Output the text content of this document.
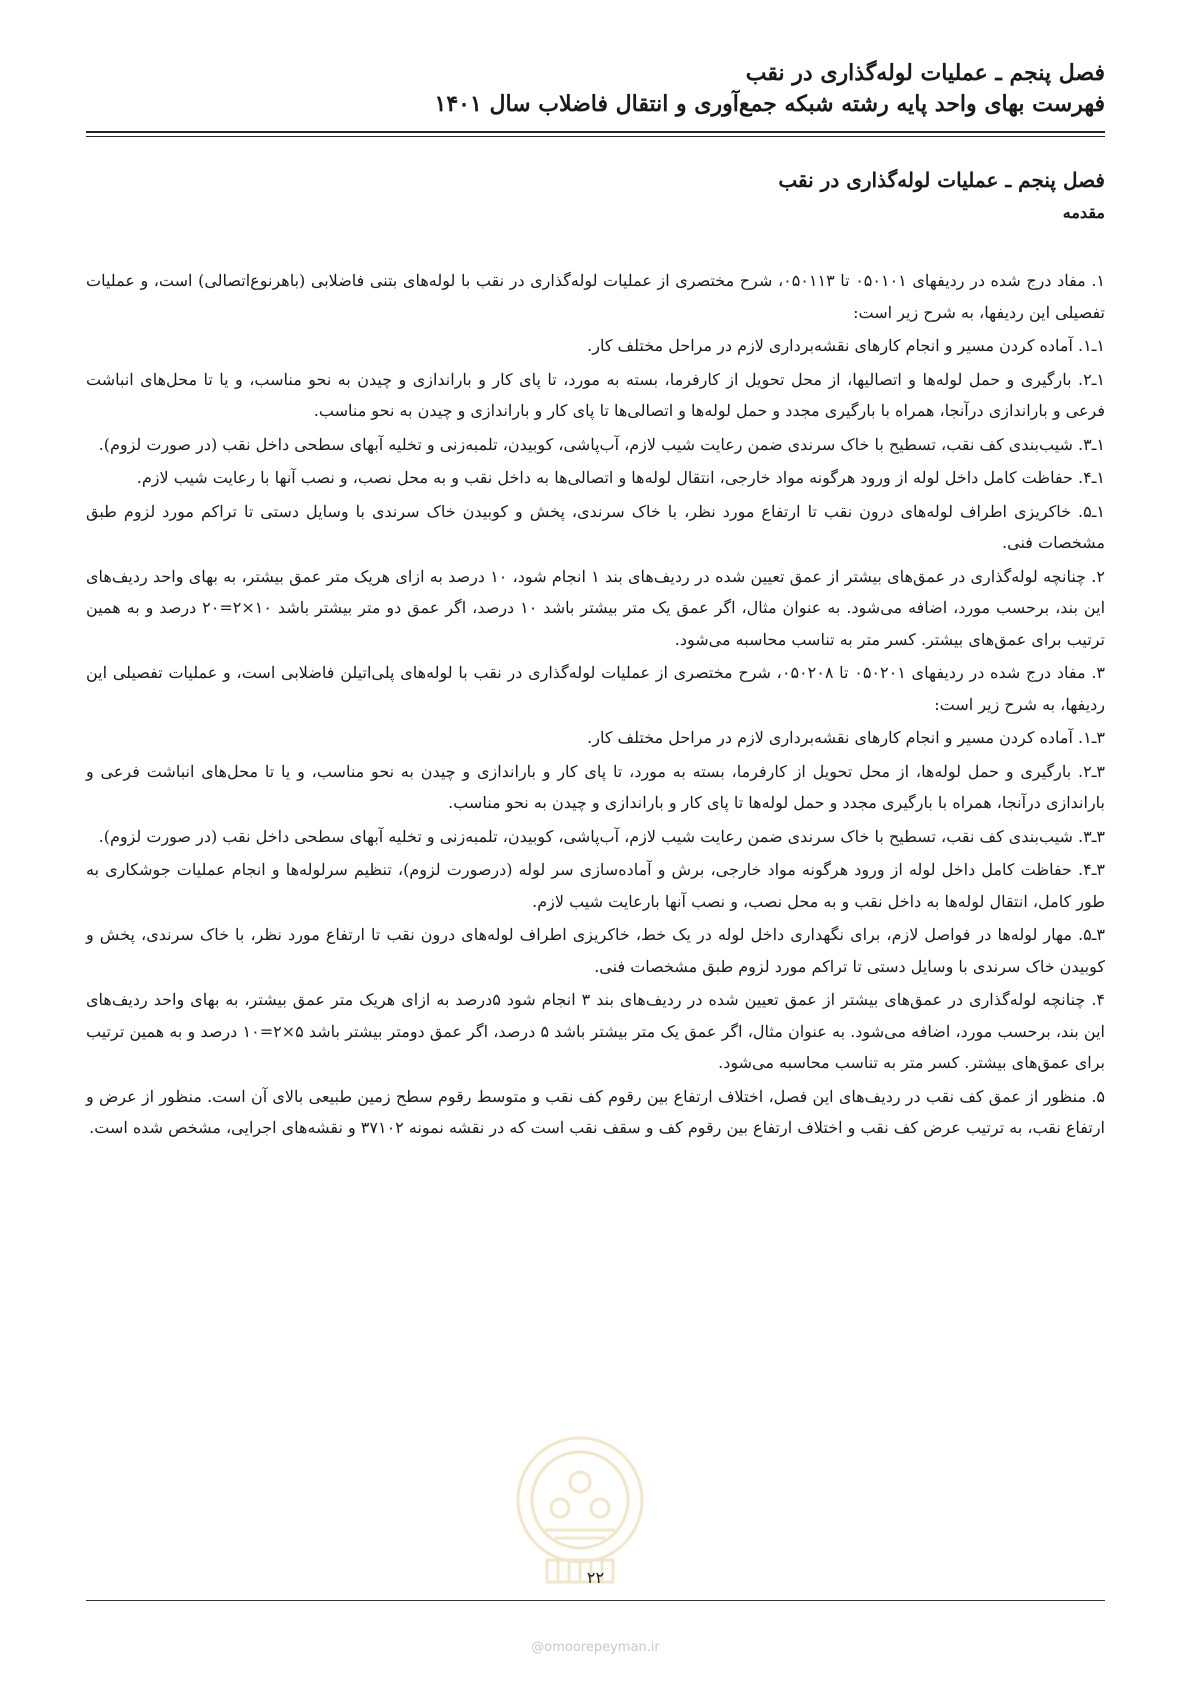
فصل پنجم ـ عملیات لوله‌گذاری در نقب
فهرست بهای واحد پایه رشته شبکه جمع‌آوری و انتقال فاضلاب سال ۱۴۰۱
فصل پنجم ـ عملیات لوله‌گذاری در نقب
مقدمه

۱. مفاد درج شده در ردیفهای ۰۵۰۱۰۱ تا ۰۵۰۱۱۳، شرح مختصری از عملیات لوله‌گذاری در نقب با لوله‌های بتنی فاضلابی (باهرنوع‌اتصالی) است، و عملیات تفصیلی این ردیفها، به شرح زیر است:

۱ـ۱. آماده کردن مسیر و انجام کارهای نقشه‌برداری لازم در مراحل مختلف کار.

۱ـ۲. بارگیری و حمل لوله‌ها و اتصالیها، از محل تحویل از کارفرما، بسته به مورد، تا پای کار و باراندازی و چیدن به نحو مناسب، و یا تا محل‌های انباشت فرعی و باراندازی درآنجا، همراه با بارگیری مجدد و حمل لوله‌ها و اتصالی‌ها تا پای کار و باراندازی و چیدن به نحو مناسب.

۱ـ۳. شیب‌بندی کف نقب، تسطیح با خاک سرندی ضمن رعایت شیب لازم، آب‌پاشی، کوبیدن، تلمبه‌زنی و تخلیه آبهای سطحی داخل نقب (در صورت لزوم).

۱ـ۴. حفاظت کامل داخل لوله از ورود هرگونه مواد خارجی، انتقال لوله‌ها و اتصالی‌ها به داخل نقب و به محل نصب، و نصب آنها با رعایت شیب لازم.

۱ـ۵. خاکریزی اطراف لوله‌های درون نقب تا ارتفاع مورد نظر، با خاک سرندی، پخش و کوبیدن خاک سرندی با وسایل دستی تا تراکم مورد لزوم طبق مشخصات فنی.

۲. چنانچه لوله‌گذاری در عمق‌های بیشتر از عمق تعیین شده در ردیف‌های بند ۱ انجام شود، ۱۰ درصد به ازای هریک متر عمق بیشتر، به بهای واحد ردیف‌های این بند، برحسب مورد، اضافه می‌شود. به عنوان مثال، اگر عمق یک متر بیشتر باشد ۱۰ درصد، اگر عمق دو متر بیشتر باشد ۱۰×۲=۲۰ درصد و به همین ترتیب برای عمق‌های بیشتر. کسر متر به تناسب محاسبه می‌شود.

۳. مفاد درج شده در ردیفهای ۰۵۰۲۰۱ تا ۰۵۰۲۰۸، شرح مختصری از عملیات لوله‌گذاری در نقب با لوله‌های پلی‌اتیلن فاضلابی است، و عملیات تفصیلی این ردیفها، به شرح زیر است:

۳ـ۱. آماده کردن مسیر و انجام کارهای نقشه‌برداری لازم در مراحل مختلف کار.

۳ـ۲. بارگیری و حمل لوله‌ها، از محل تحویل از کارفرما، بسته به مورد، تا پای کار و باراندازی و چیدن به نحو مناسب، و یا تا محل‌های انباشت فرعی و باراندازی درآنجا، همراه با بارگیری مجدد و حمل لوله‌ها تا پای کار و باراندازی و چیدن به نحو مناسب.

۳ـ۳. شیب‌بندی کف نقب، تسطیح با خاک سرندی ضمن رعایت شیب لازم، آب‌پاشی، کوبیدن، تلمبه‌زنی و تخلیه آبهای سطحی داخل نقب (در صورت لزوم).

۳ـ۴. حفاظت کامل داخل لوله از ورود هرگونه مواد خارجی، برش و آماده‌سازی سر لوله (درصورت لزوم)، تنظیم سرلوله‌ها و انجام عملیات جوشکاری به طور کامل، انتقال لوله‌ها به داخل نقب و به محل نصب، و نصب آنها بارعایت شیب لازم.

۳ـ۵. مهار لوله‌ها در فواصل لازم، برای نگهداری داخل لوله در یک خط، خاکریزی اطراف لوله‌های درون نقب تا ارتفاع مورد نظر، با خاک سرندی، پخش و کوبیدن خاک سرندی با وسایل دستی تا تراکم مورد لزوم طبق مشخصات فنی.

۴. چنانچه لوله‌گذاری در عمق‌های بیشتر از عمق تعیین شده در ردیف‌های بند ۳ انجام شود ۵درصد به ازای هریک متر عمق بیشتر، به بهای واحد ردیف‌های این بند، برحسب مورد، اضافه می‌شود. به عنوان مثال، اگر عمق یک متر بیشتر باشد ۵ درصد، اگر عمق دومتر بیشتر باشد ۵×۲=۱۰ درصد و به همین ترتیب برای عمق‌های بیشتر. کسر متر به تناسب محاسبه می‌شود.

۵. منظور از عمق کف نقب در ردیف‌های این فصل، اختلاف ارتفاع بین رقوم کف نقب و متوسط رقوم سطح زمین طبیعی بالای آن است. منظور از عرض و ارتفاع نقب، به ترتیب عرض کف نقب و اختلاف ارتفاع بین رقوم کف و سقف نقب است که در نقشه نمونه ۳۷۱۰۲ و نقشه‌های اجرایی، مشخص شده است.

۲۲
@omoorepeyman.ir
